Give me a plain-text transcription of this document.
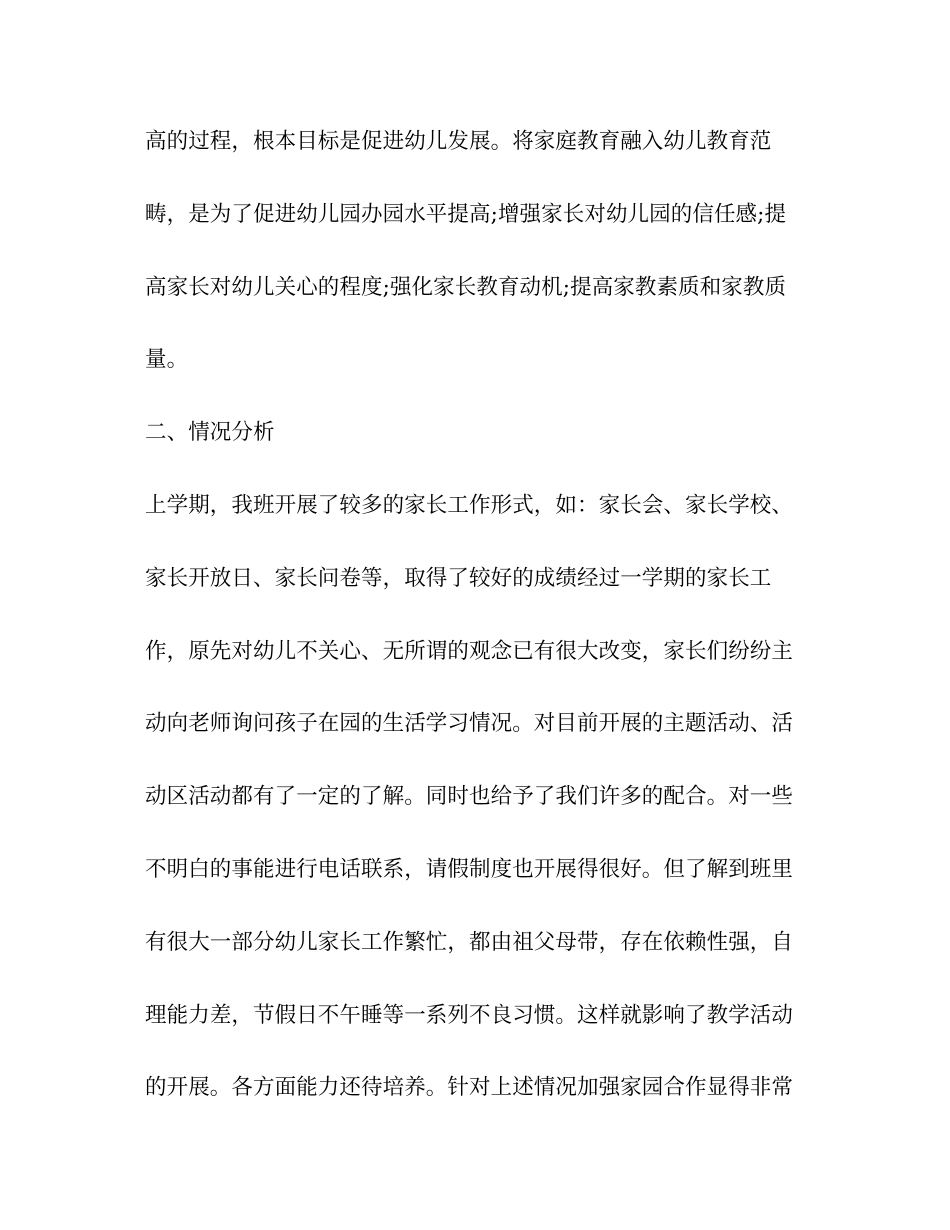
高的过程，根本目标是促进幼儿发展。将家庭教育融入幼儿教育范
畴，是为了促进幼儿园办园水平提高;增强家长对幼儿园的信任感;提
高家长对幼儿关心的程度;强化家长教育动机;提高家教素质和家教质
量。
二、情况分析
上学期，我班开展了较多的家长工作形式，如：家长会、家长学校、
家长开放日、家长问卷等，取得了较好的成绩经过一学期的家长工
作，原先对幼儿不关心、无所谓的观念已有很大改变，家长们纷纷主
动向老师询问孩子在园的生活学习情况。对目前开展的主题活动、活
动区活动都有了一定的了解。同时也给予了我们许多的配合。对一些
不明白的事能进行电话联系，请假制度也开展得很好。但了解到班里
有很大一部分幼儿家长工作繁忙，都由祖父母带，存在依赖性强，自
理能力差，节假日不午睡等一系列不良习惯。这样就影响了教学活动
的开展。各方面能力还待培养。针对上述情况加强家园合作显得非常
